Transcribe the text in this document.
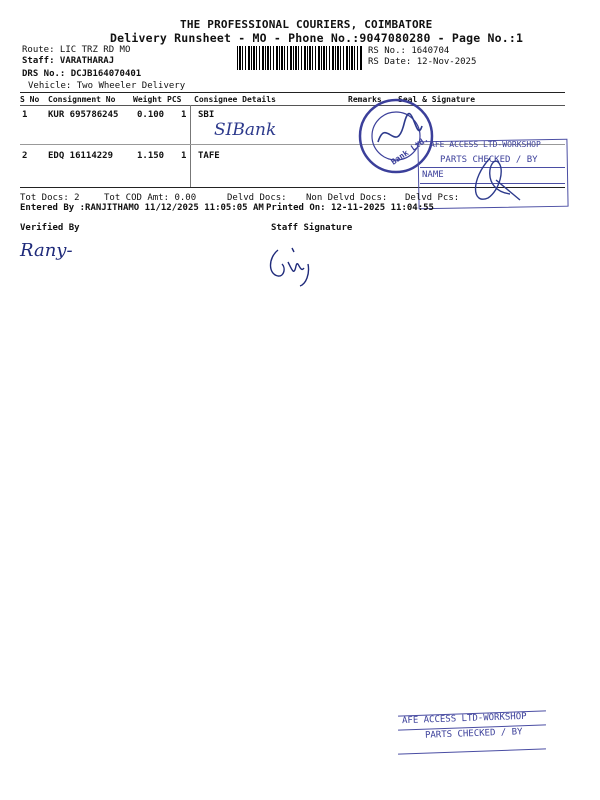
THE PROFESSIONAL COURIERS, COIMBATORE
Delivery Runsheet - MO - Phone No.:9047080280 - Page No.:1
Route: LIC TRZ RD MO
Staff: VARATHARAJ
DRS No.: DCJB164070401
Vehicle: Two Wheeler Delivery
RS No.: 1640704
RS Date: 12-Nov-2025
S No Consignment No Weight PCS Consignee Details	Remarks Seal & Signature
1 KUR 695786245 0.100 1 SBI
SIBank
2 EDQ 16114229	1.150 1 TAFE	Bank Ltd. AFE ACCESS LTD-WORKSHOP
PARTS CHECKED / BY
NAME
Tot Docs: 2	Tot COD Amt: 0.00	Delvd Docs: Non Delvd Docs: Delvd Pcs:
Entered By :RANJITHAMO 11/12/2025 11:05:05 AM Printed On: 12-11-2025 11:04:55
Verified By	Staff Signature
Rany-
AFE ACCESS LTD-WORKSHOP
PARTS CHECKED / BY
